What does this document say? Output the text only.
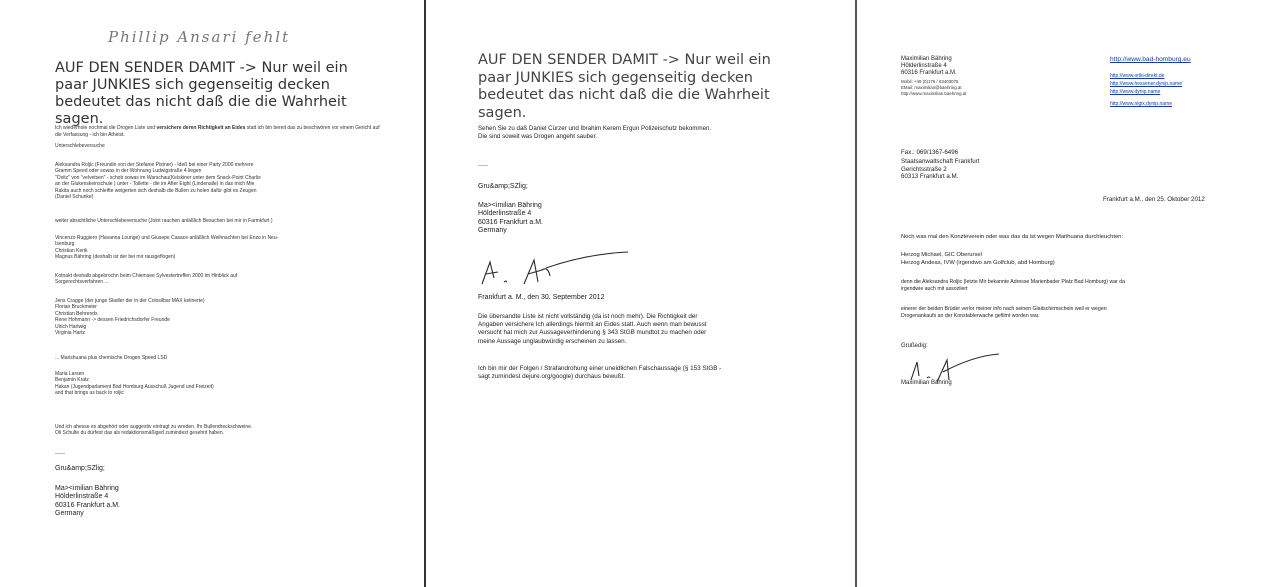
Phillip Ansari fehlt
AUF DEN SENDER DAMIT -> Nur weil ein paar JUNKIES sich gegenseitig decken bedeutet das nicht daß die die Wahrheit sagen.

Ich wiederhole nochmal die Drogen Liste und versichere deren Richtigkeit an Eides statt ich bin bereit das zu beschwören vor einem Gericht auf die Verfassung - ich bin Atheist.

Unterschlebeversuche
Aleksandra Roljic (Freundin von der Stefanie Pistner) - Ideß bei einer Party 2000 mehrere
Gramm Speed oder sowas in der Wohnung Ludwigstraße 4 liegen
"Oxitz" von "velvetsen" - schob sowas im Warschau(Kelskiner unter dem Snack-Point Charlie
an der Glukenskeinschule ) unter - Toilette - die im After Eight (Lindenalle) in das mich Mie
Rakita auch noch schleifte weigerten sich deshalb die Bullen zu holen dafür gibt es Zeugen
(Daniel Schunke)
weiter absichtliche Unterschlebeversuche (Joint rauchen anläßlich Besuchen bei mir in Farmkfurt )
Vincenzo Ruggiero (Havanna Lounge) und Giusepe Casace anläßlich Weihnachten bei Enzo in Neu-
Isenburg
Christian Kerik
Magnus Bähring (deshalb ist der bei mir rausgeflogen)
Kotnakt deshalb abgebrochn beim Chiemsee Sylvestertreffen 2000 im Hinblick auf
Sorgerechtsverfahren ...
Jens Cragge (der junge Sladler der in der Colosilbar MAX kelinerte)
Florian Bruckmeier
Christian Behrends
Rene Hohmann -> dessen Friedrichsdorfer Freunde
Ulrich Hartwig
Virginia Hartz
... Marishuana plus chemische Drogen Speed LSD
Maria Larsen
Benjamin Kratz
Hakan (Jugendparlament Bad Homburg Ausschuß Jugend und Freizeit)
and that brings us back to roljic
Und ich ahesse es abgehört oder auggestiv eintragt zu wreden. Ihr Bullendreckschweine.
Oli Schulte du dürfest das als redaktionsmäßiged zumindest gesehnt haben.
------
Gru&amp;SZlig;
Ma><imilian Bähring
Hölderlinstraße 4
60316 Frankfurt a.M.
Germany
AUF DEN SENDER DAMIT -> Nur weil ein paar JUNKIES sich gegenseitig decken bedeutet das nicht daß die die Wahrheit sagen.
Sehen Sie zu daß Daniel Cürzer und Ibrahim Kerem Ergun Polizeischutz bekommen.
Die sind soweit was Drogen angeht sauber.
------
Gru&amp;SZlig;
Ma><imilian Bähring
Hölderlinstraße 4
60316 Frankfurt a.M.
Germany
Frankfurt a. M., den 30. September 2012
Die übersandte Liste ist nicht vollständig (da ist noch mehr). Die Richtigkeit der
Angaben versichere Ich allerdings hiermit an Eides statt. Auch wenn man bewusst
versucht hat mich zur Aussageverhinderung § 343 StGB mundtot zu machen oder
meine Aussage unglaubwürdig erscheinen zu lassen.
Ich bin mir der Folgen / Strafandrohung einer uneidlichen Falschaussage (§ 153 StGB -
sagt zumindest dejure.org/google) durchaus bewußt.
Maximilian Bähring
Hölderlinstraße 4
60316 Frankfurt a.M.
Mobil: +49 (0)176 / 63403075
EMail: maximilian@baehring.at
http://www.maximilian.baehring.at
http://www.bad-homburg.eu
http://www.oriki-direkt.de
http://www.hessener.dynip.name
http://www.dynip.name
http://www.nigix.dynip.name
Fax.: 069/1367-6496
Staatsanwaltschaft Frankfurt
Gerichtsstraße 2
60313 Frankfurt a.M.
Frankfurt a.M., den 25. Oktober 2012
Noch was mal den Konzteverein oder was das da ist wegen Marihuana durchleuchten:
Herzog Michael, GIC Oberursel
Herzog Andeas, IVW (irgendwo am Golfclub, abd Homburg)
denn die Aleksandra Roljic (letzte Mir bekannte Adresse Marienbader Platz Bad Homburg) war da
irgendwie auch mit assoziiert
einerer der beiden Brüder verlor meiner info nach seinen Glaitschirmschein weil er wegen
Drogenankaufs an der Konstablerwache gefilmt worden war.
Grußedig:
Maximilian Bähring
